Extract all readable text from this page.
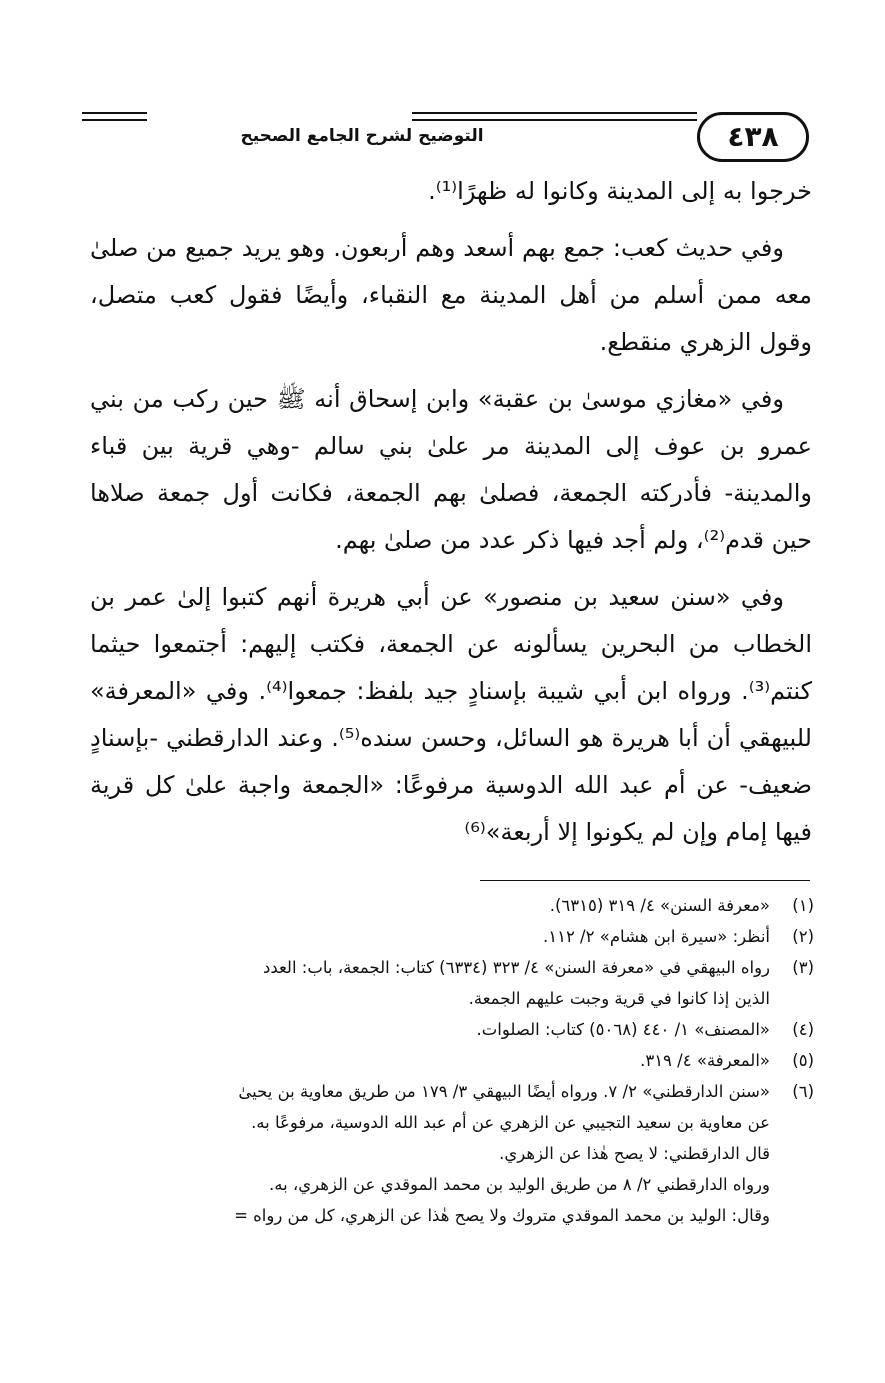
التوضيح لشرح الجامع الصحيح	٤٣٨

خرجوا به إلى المدينة وكانوا له ظهرًا⁽¹⁾.

وفي حديث كعب: جمع بهم أسعد وهم أربعون. وهو يريد جميع من صلىٰ معه ممن أسلم من أهل المدينة مع النقباء، وأيضًا فقول كعب متصل، وقول الزهري منقطع.

وفي «مغازي موسىٰ بن عقبة» وابن إسحاق أنه ﷺ حين ركب من بني عمرو بن عوف إلى المدينة مر علىٰ بني سالم -وهي قرية بين قباء والمدينة- فأدركته الجمعة، فصلىٰ بهم الجمعة، فكانت أول جمعة صلاها حين قدم⁽²⁾، ولم أجد فيها ذكر عدد من صلىٰ بهم.

وفي «سنن سعيد بن منصور» عن أبي هريرة أنهم كتبوا إلىٰ عمر بن الخطاب من البحرين يسألونه عن الجمعة، فكتب إليهم: أجتمعوا حيثما كنتم⁽³⁾. ورواه ابن أبي شيبة بإسنادٍ جيد بلفظ: جمعوا⁽⁴⁾. وفي «المعرفة» للبيهقي أن أبا هريرة هو السائل، وحسن سنده⁽⁵⁾. وعند الدارقطني -بإسنادٍ ضعيف- عن أم عبد الله الدوسية مرفوعًا: «الجمعة واجبة علىٰ كل قرية فيها إمام وإن لم يكونوا إلا أربعة»⁽⁶⁾

(١)
«معرفة السنن» ٤/ ٣١٩ (٦٣١٥).
(٢)
أنظر: «سيرة ابن هشام» ٢/ ١١٢.
(٣)
رواه البيهقي في «معرفة السنن» ٤/ ٣٢٣ (٦٣٣٤) كتاب: الجمعة، باب: العدد
الذين إذا كانوا في قرية وجبت عليهم الجمعة.
(٤)
«المصنف» ١/ ٤٤٠ (٥٠٦٨) كتاب: الصلوات.
(٥)
«المعرفة» ٤/ ٣١٩.
(٦)
«سنن الدارقطني» ٢/ ٧. ورواه أيضًا البيهقي ٣/ ١٧٩ من طريق معاوية بن يحيىٰ
عن معاوية بن سعيد التجيبي عن الزهري عن أم عبد الله الدوسية، مرفوعًا به.
قال الدارقطني: لا يصح هٰذا عن الزهري.
ورواه الدارقطني ٢/ ٨ من طريق الوليد بن محمد الموقدي عن الزهري، به.
وقال: الوليد بن محمد الموقدي متروك ولا يصح هٰذا عن الزهري، كل من رواه =
